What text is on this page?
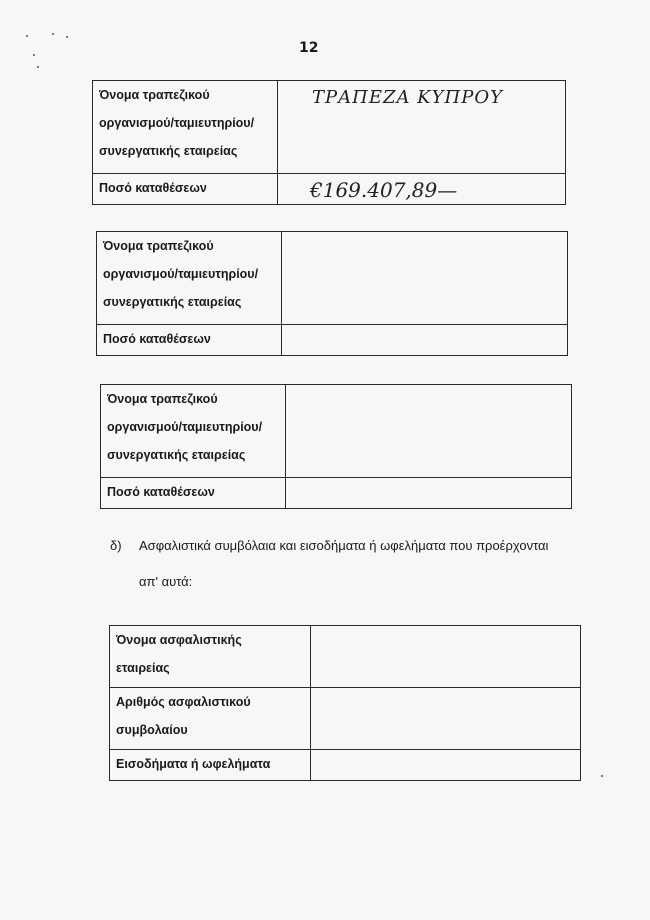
12
Όνομα τραπεζικού
οργανισμού/ταμιευτηρίου/
συνεργατικής εταιρείας	ΤΡΑΠΕΖΑ ΚΥΠΡΟΥ

Ποσό καταθέσεων	€169.407,89—
Όνομα τραπεζικού
οργανισμού/ταμιευτηρίου/
συνεργατικής εταιρείας	

Ποσό καταθέσεων	

Όνομα τραπεζικού
οργανισμού/ταμιευτηρίου/
συνεργατικής εταιρείας	

Ποσό καταθέσεων	

δ) Ασφαλιστικά συμβόλαια και εισοδήματα ή ωφελήματα που προέρχονται
απ' αυτά:
Όνομα ασφαλιστικής
εταιρείας	

Αριθμός ασφαλιστικού
συμβολαίου	

Εισοδήματα ή ωφελήματα	
